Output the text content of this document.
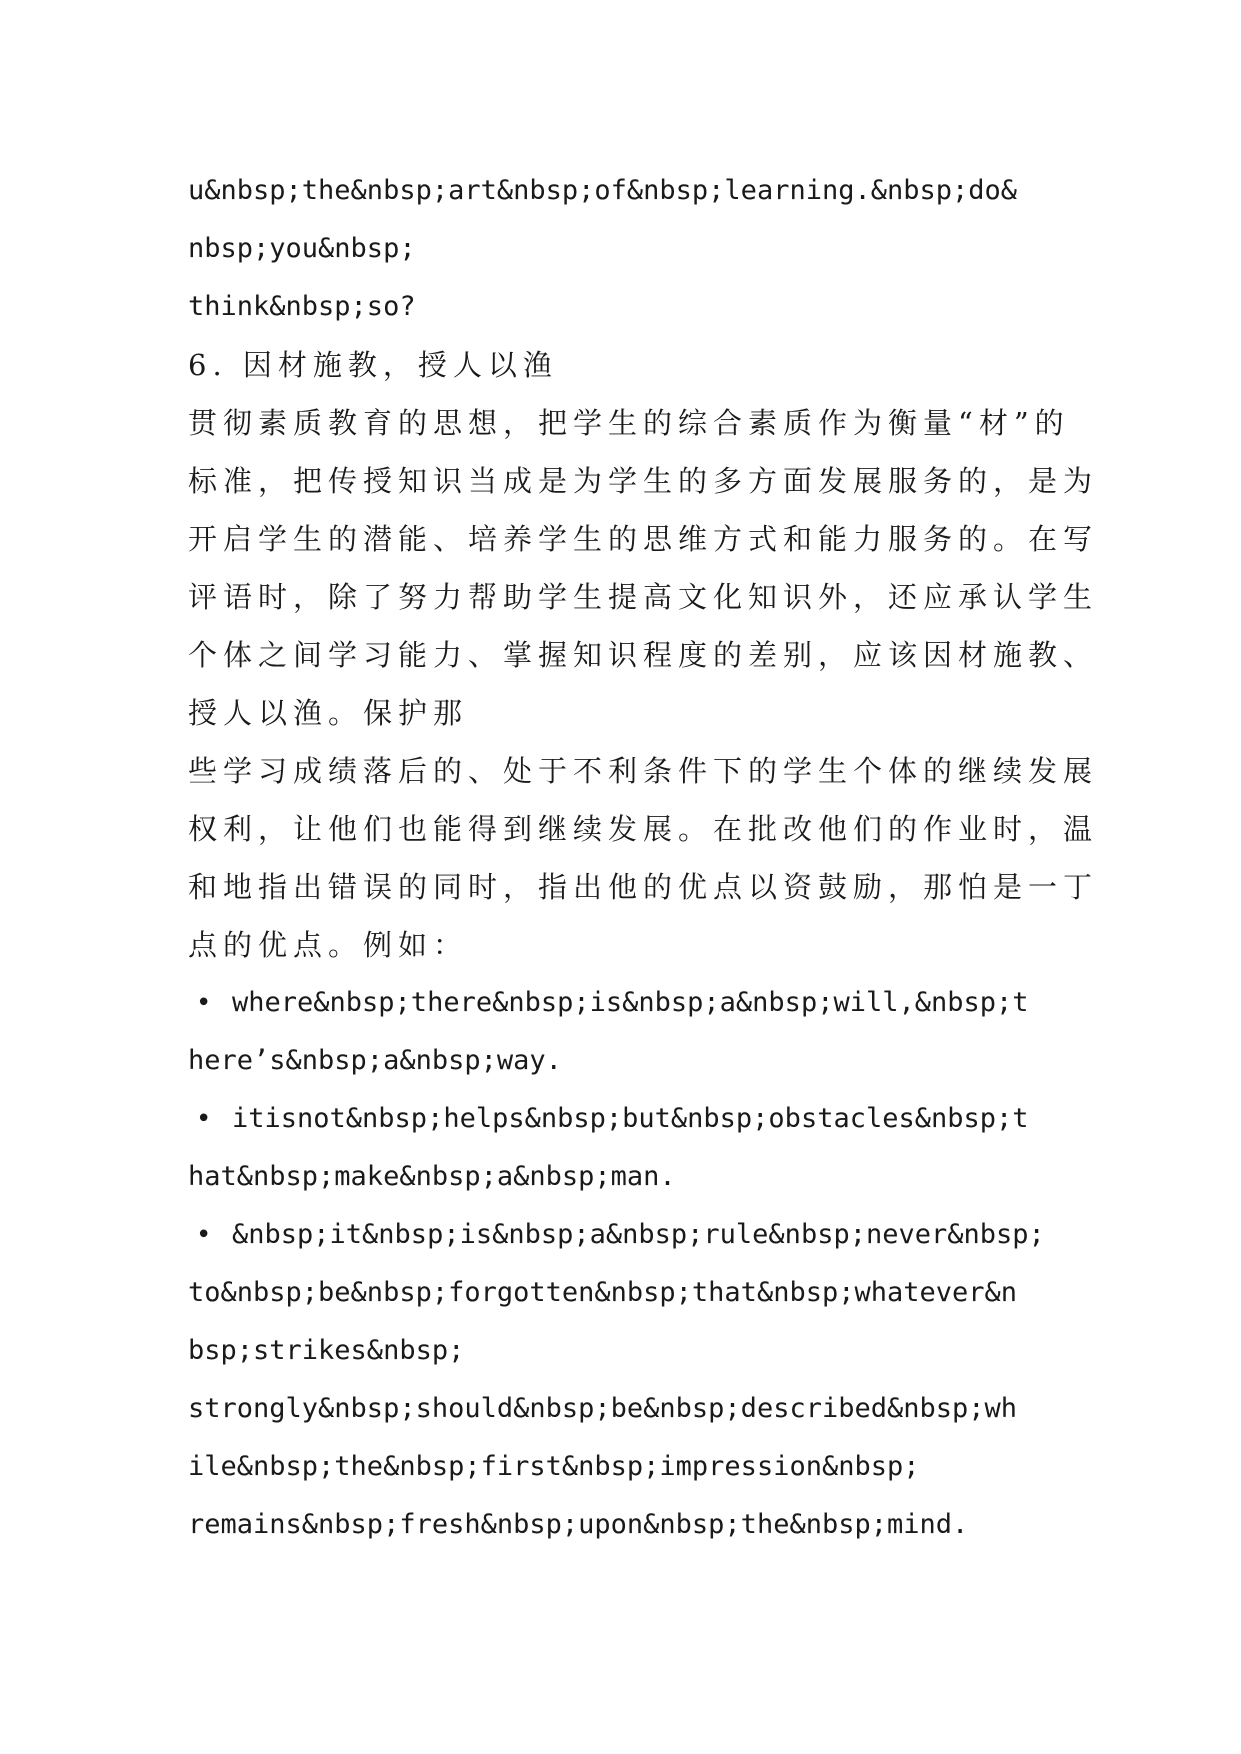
u&nbsp;the&nbsp;art&nbsp;of&nbsp;learning.&nbsp;do&
nbsp;you&nbsp;
think&nbsp;so?
6. 因材施教，授人以渔
贯彻素质教育的思想，把学生的综合素质作为衡量“材”的
标准，把传授知识当成是为学生的多方面发展服务的，是为
开启学生的潜能、培养学生的思维方式和能力服务的。在写
评语时，除了努力帮助学生提高文化知识外，还应承认学生
个体之间学习能力、掌握知识程度的差别，应该因材施教、
授人以渔。保护那
些学习成绩落后的、处于不利条件下的学生个体的继续发展
权利，让他们也能得到继续发展。在批改他们的作业时，温
和地指出错误的同时，指出他的优点以资鼓励，那怕是一丁
点的优点。例如：
• where&nbsp;there&nbsp;is&nbsp;a&nbsp;will,&nbsp;t
here’s&nbsp;a&nbsp;way.
• itisnot&nbsp;helps&nbsp;but&nbsp;obstacles&nbsp;t
hat&nbsp;make&nbsp;a&nbsp;man.
• &nbsp;it&nbsp;is&nbsp;a&nbsp;rule&nbsp;never&nbsp;
to&nbsp;be&nbsp;forgotten&nbsp;that&nbsp;whatever&n
bsp;strikes&nbsp;
strongly&nbsp;should&nbsp;be&nbsp;described&nbsp;wh
ile&nbsp;the&nbsp;first&nbsp;impression&nbsp;
remains&nbsp;fresh&nbsp;upon&nbsp;the&nbsp;mind.
